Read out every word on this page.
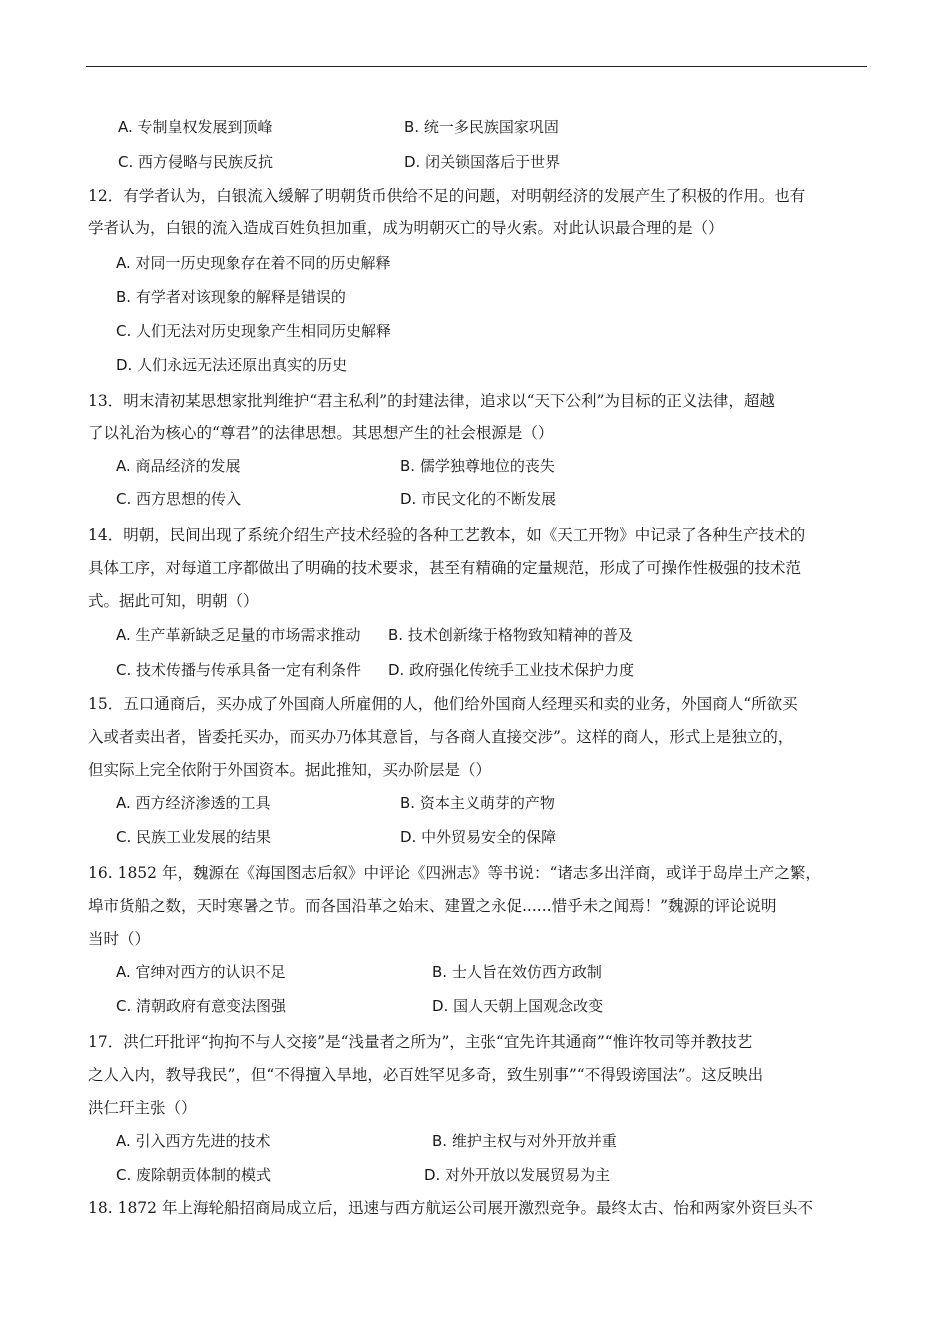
A. 专制皇权发展到顶峰	B. 统一多民族国家巩固
C. 西方侵略与民族反抗	D. 闭关锁国落后于世界
12．有学者认为，白银流入缓解了明朝货币供给不足的问题，对明朝经济的发展产生了积极的作用。也有
学者认为，白银的流入造成百姓负担加重，成为明朝灭亡的导火索。对此认识最合理的是（）
A. 对同一历史现象存在着不同的历史解释
B. 有学者对该现象的解释是错误的
C. 人们无法对历史现象产生相同历史解释
D. 人们永远无法还原出真实的历史
13．明末清初某思想家批判维护“君主私利”的封建法律，追求以“天下公利”为目标的正义法律，超越
了以礼治为核心的“尊君”的法律思想。其思想产生的社会根源是（）
A. 商品经济的发展	B. 儒学独尊地位的丧失
C. 西方思想的传入	D. 市民文化的不断发展
14．明朝，民间出现了系统介绍生产技术经验的各种工艺教本，如《天工开物》中记录了各种生产技术的
具体工序，对每道工序都做出了明确的技术要求，甚至有精确的定量规范，形成了可操作性极强的技术范
式。据此可知，明朝（）
A. 生产革新缺乏足量的市场需求推动 B. 技术创新缘于格物致知精神的普及
C. 技术传播与传承具备一定有利条件 D. 政府强化传统手工业技术保护力度
15．五口通商后，买办成了外国商人所雇佣的人，他们给外国商人经理买和卖的业务，外国商人“所欲买
入或者卖出者，皆委托买办，而买办乃体其意旨，与各商人直接交涉”。这样的商人，形式上是独立的，
但实际上完全依附于外国资本。据此推知，买办阶层是（）
A. 西方经济渗透的工具	B. 资本主义萌芽的产物
C. 民族工业发展的结果	D. 中外贸易安全的保障
16. 1852 年，魏源在《海国图志后叙》中评论《四洲志》等书说：“诸志多出洋商，或详于岛岸土产之繁，
埠市货船之数，天时寒暑之节。而各国沿革之始末、建置之永促......惜乎未之闻焉！”魏源的评论说明
当时（）
A. 官绅对西方的认识不足	B. 士人旨在效仿西方政制
C. 清朝政府有意变法图强	D. 国人天朝上国观念改变
17．洪仁玕批评“拘拘不与人交接”是“浅量者之所为”，主张“宜先许其通商”“惟许牧司等并教技艺
之人入内，教导我民”，但“不得擅入旱地，必百姓罕见多奇，致生别事”“不得毁谤国法”。这反映出
洪仁玕主张（）
A. 引入西方先进的技术	B. 维护主权与对外开放并重
C. 废除朝贡体制的模式	D. 对外开放以发展贸易为主
18. 1872 年上海轮船招商局成立后，迅速与西方航运公司展开激烈竞争。最终太古、怡和两家外资巨头不
